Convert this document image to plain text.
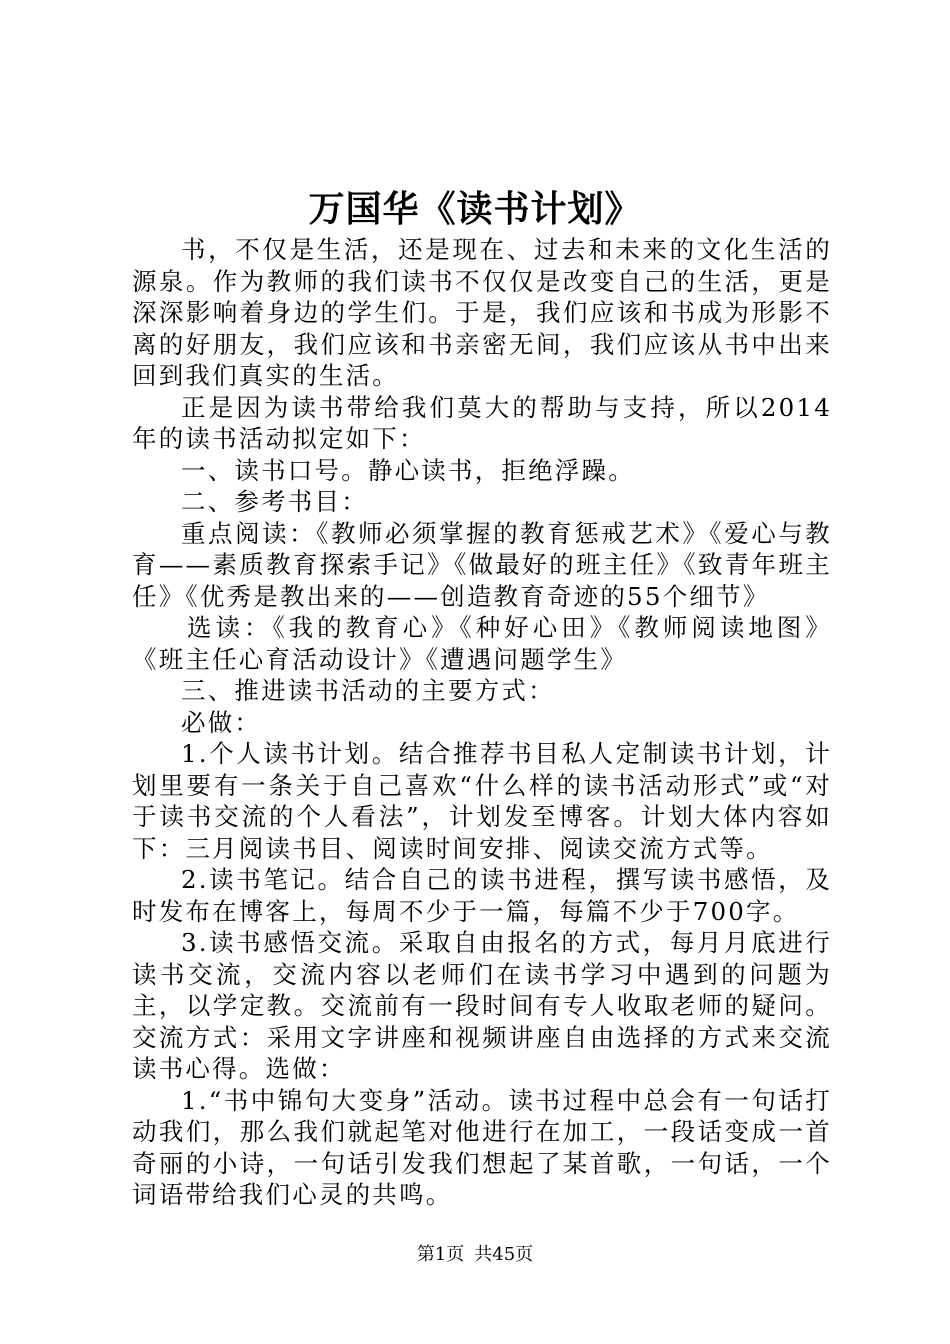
万国华《读书计划》

书，不仅是生活，还是现在、过去和未来的文化生活的源泉。作为教师的我们读书不仅仅是改变自己的生活，更是深深影响着身边的学生们。于是，我们应该和书成为形影不离的好朋友，我们应该和书亲密无间，我们应该从书中出来回到我们真实的生活。

正是因为读书带给我们莫大的帮助与支持，所以2014年的读书活动拟定如下：

一、读书口号。静心读书，拒绝浮躁。

二、参考书目：

重点阅读：《教师必须掌握的教育惩戒艺术》《爱心与教育——素质教育探索手记》《做最好的班主任》《致青年班主任》《优秀是教出来的——创造教育奇迹的55个细节》

选读：《我的教育心》《种好心田》《教师阅读地图》《班主任心育活动设计》《遭遇问题学生》

三、推进读书活动的主要方式：

必做：

1.个人读书计划。结合推荐书目私人定制读书计划，计划里要有一条关于自己喜欢“什么样的读书活动形式”或“对于读书交流的个人看法”，计划发至博客。计划大体内容如下：三月阅读书目、阅读时间安排、阅读交流方式等。

2.读书笔记。结合自己的读书进程，撰写读书感悟，及时发布在博客上，每周不少于一篇，每篇不少于700字。

3.读书感悟交流。采取自由报名的方式，每月月底进行读书交流，交流内容以老师们在读书学习中遇到的问题为主，以学定教。交流前有一段时间有专人收取老师的疑问。交流方式：采用文字讲座和视频讲座自由选择的方式来交流读书心得。选做：

1.“书中锦句大变身”活动。读书过程中总会有一句话打动我们，那么我们就起笔对他进行在加工，一段话变成一首奇丽的小诗，一句话引发我们想起了某首歌，一句话，一个词语带给我们心灵的共鸣。

第1页 共45页
